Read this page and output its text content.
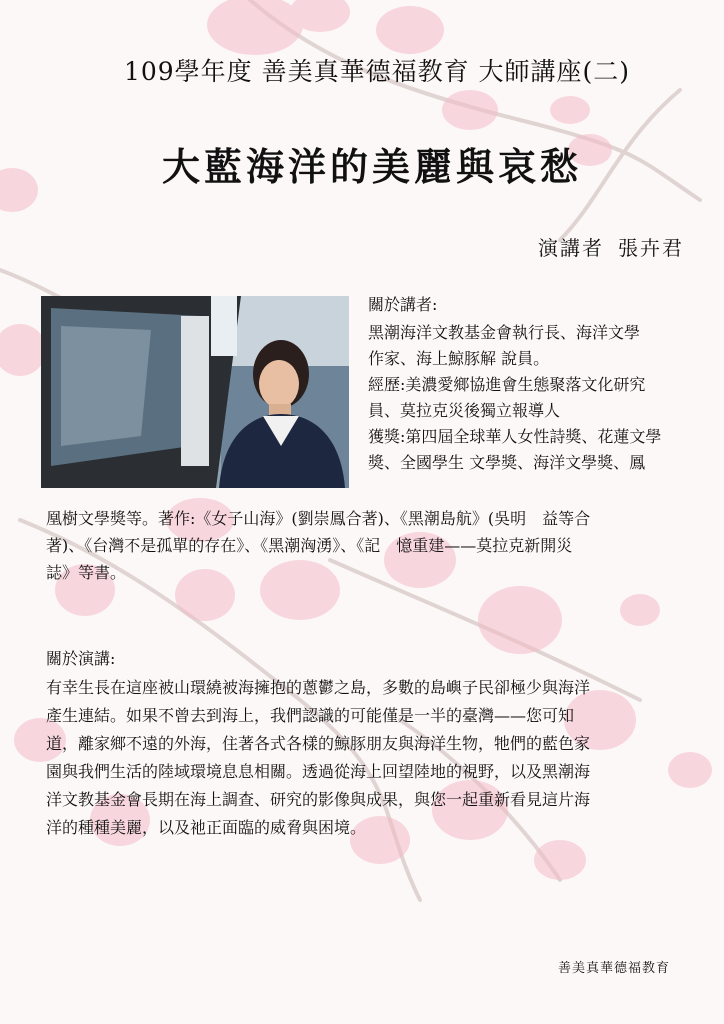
109學年度 善美真華德福教育 大師講座(二)
大藍海洋的美麗與哀愁
演講者 張卉君
關於講者:

黑潮海洋文教基金會執行長、海洋文學

作家、海上鯨豚解 說員。

經歷:美濃愛鄉協進會生態聚落文化研究

員、莫拉克災後獨立報導人

獲獎:第四屆全球華人女性詩獎、花蓮文學

獎、全國學生 文學獎、海洋文學獎、鳳

凰樹文學獎等。著作:《女子山海》(劉崇鳳合著)、《黑潮島航》(吳明　益等合

著)、《台灣不是孤單的存在》、《黑潮洶湧》、《記　憶重建——莫拉克新開災

誌》等書。

關於演講:

有幸生長在這座被山環繞被海擁抱的蔥鬱之島，多數的島嶼子民卻極少與海洋

產生連結。如果不曾去到海上，我們認識的可能僅是一半的臺灣——您可知

道，離家鄉不遠的外海，住著各式各樣的鯨豚朋友與海洋生物，牠們的藍色家

園與我們生活的陸域環境息息相關。透過從海上回望陸地的視野，以及黑潮海

洋文教基金會長期在海上調查、研究的影像與成果，與您一起重新看見這片海

洋的種種美麗，以及祂正面臨的威脅與困境。

善美真華德福教育
